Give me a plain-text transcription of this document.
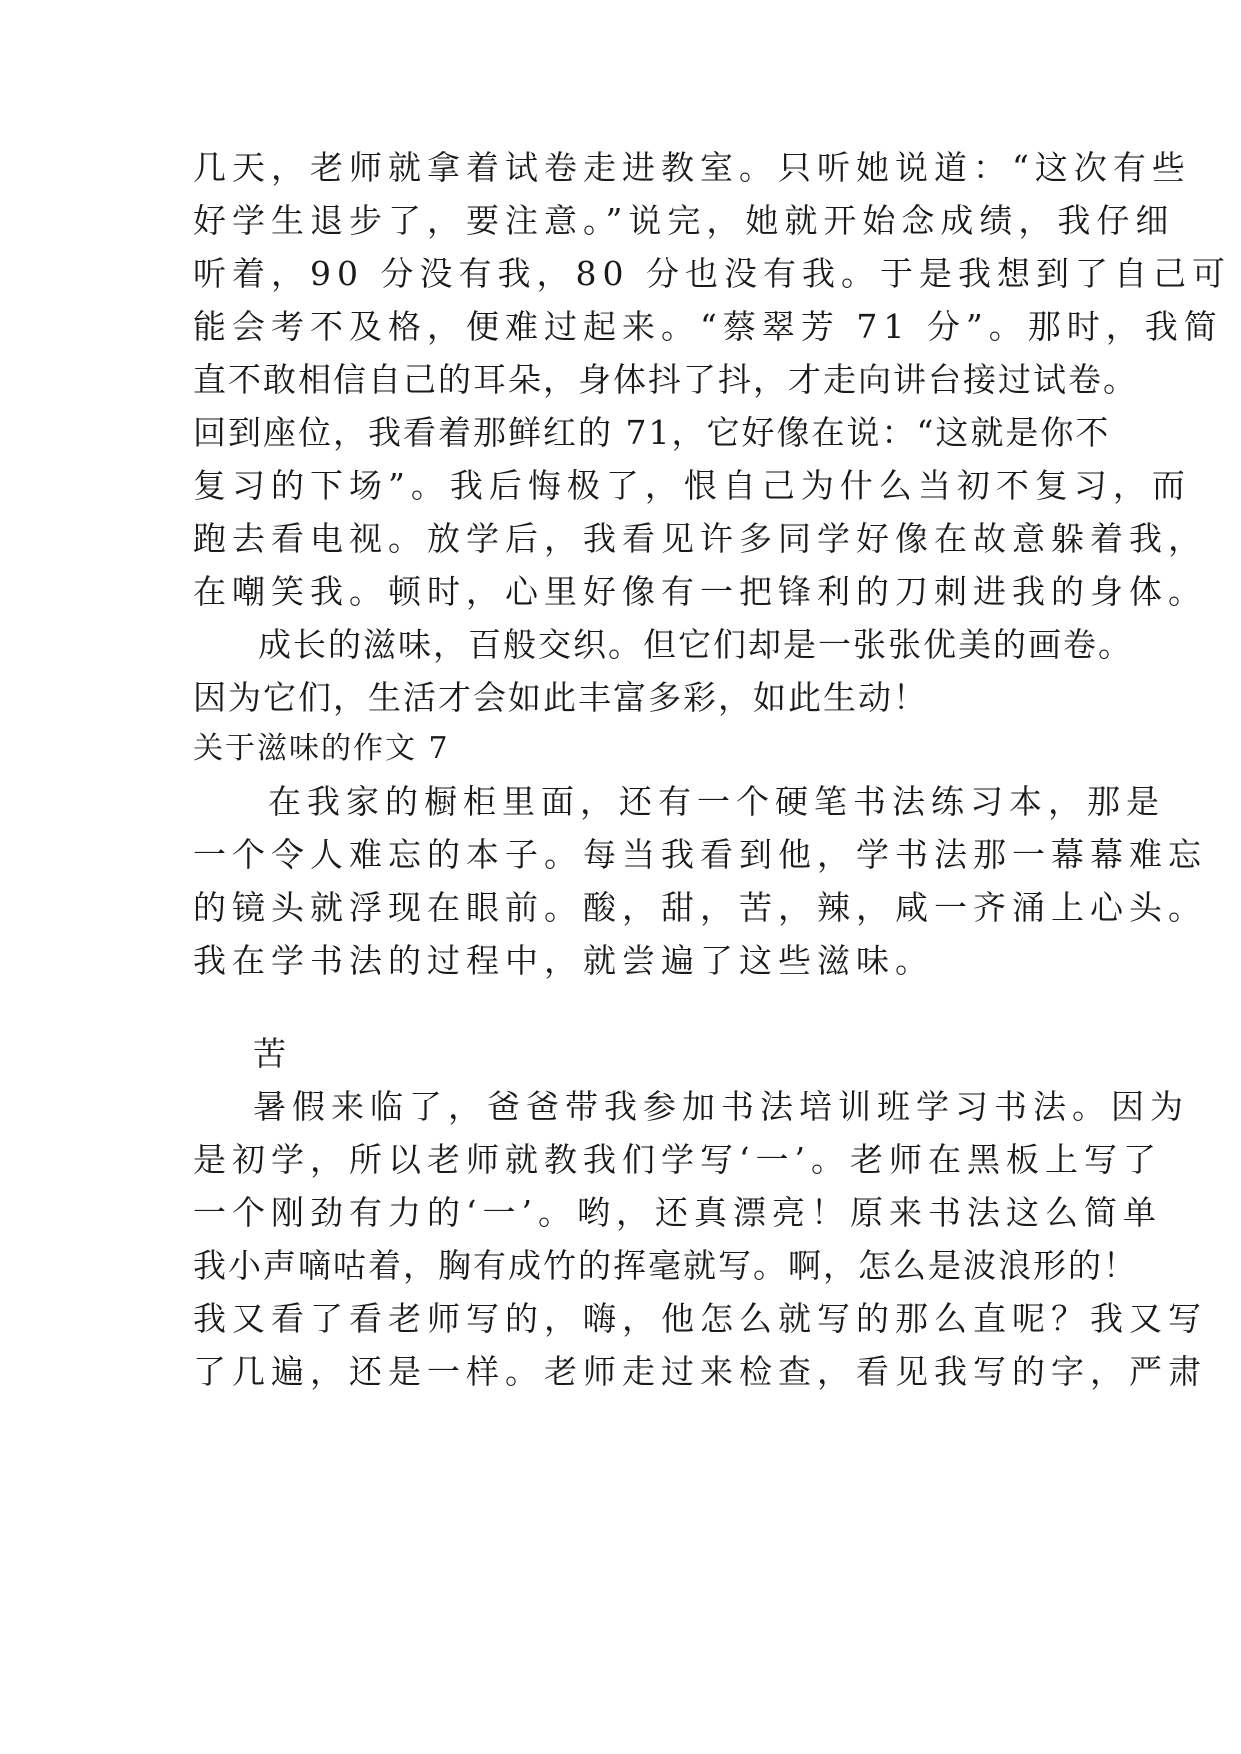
几天，老师就拿着试卷走进教室。只听她说道：“这次有些
好学生退步了，要注意。”说完，她就开始念成绩，我仔细
听着，90 分没有我，80 分也没有我。于是我想到了自己可
能会考不及格，便难过起来。“蔡翠芳 71 分”。那时，我简
直不敢相信自己的耳朵，身体抖了抖，才走向讲台接过试卷。
回到座位，我看着那鲜红的 71，它好像在说：“这就是你不
复习的下场”。我后悔极了，恨自己为什么当初不复习，而
跑去看电视。放学后，我看见许多同学好像在故意躲着我，
在嘲笑我。顿时，心里好像有一把锋利的刀刺进我的身体。
成长的滋味，百般交织。但它们却是一张张优美的画卷。
因为它们，生活才会如此丰富多彩，如此生动！
关于滋味的作文 7
在我家的橱柜里面，还有一个硬笔书法练习本，那是
一个令人难忘的本子。每当我看到他，学书法那一幕幕难忘
的镜头就浮现在眼前。酸，甜，苦，辣，咸一齐涌上心头。
我在学书法的过程中，就尝遍了这些滋味。
苦
暑假来临了，爸爸带我参加书法培训班学习书法。因为
是初学，所以老师就教我们学写‘一’。老师在黑板上写了
一个刚劲有力的‘一’。哟，还真漂亮！原来书法这么简单
我小声嘀咕着，胸有成竹的挥毫就写。啊，怎么是波浪形的！
我又看了看老师写的，嗨，他怎么就写的那么直呢？我又写
了几遍，还是一样。老师走过来检查，看见我写的字，严肃
